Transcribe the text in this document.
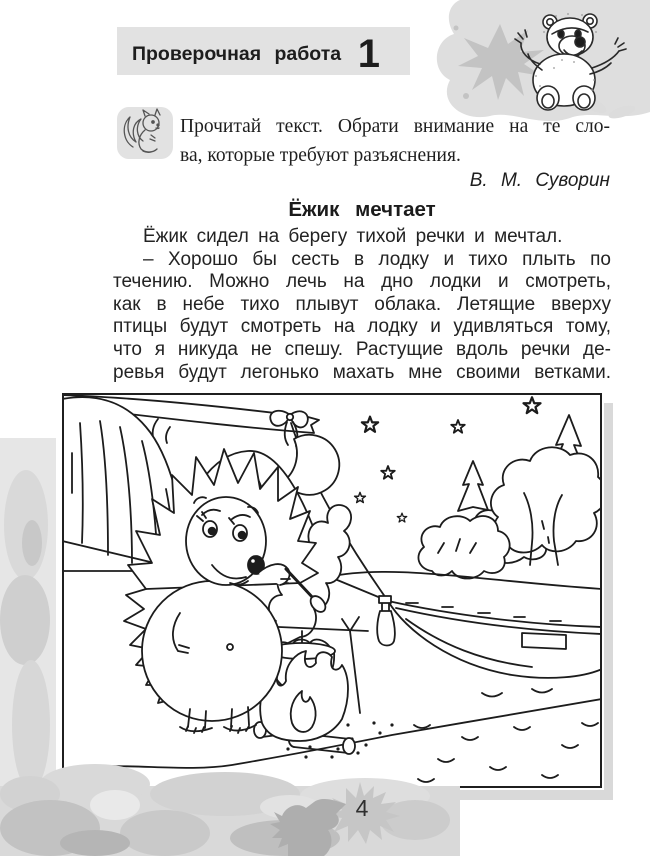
Проверочная работа 1
Прочитай текст. Обрати внимание на те сло-
ва, которые требуют разъяснения.
В. М. Суворин
Ёжик мечтает
Ёжик сидел на берегу тихой речки и мечтал.
– Хорошо бы сесть в лодку и тихо плыть по
течению. Можно лечь на дно лодки и смотреть,
как в небе тихо плывут облака. Летящие вверху
птицы будут смотреть на лодку и удивляться тому,
что я никуда не спешу. Растущие вдоль речки де-
ревья будут легонько махать мне своими ветками.
4
